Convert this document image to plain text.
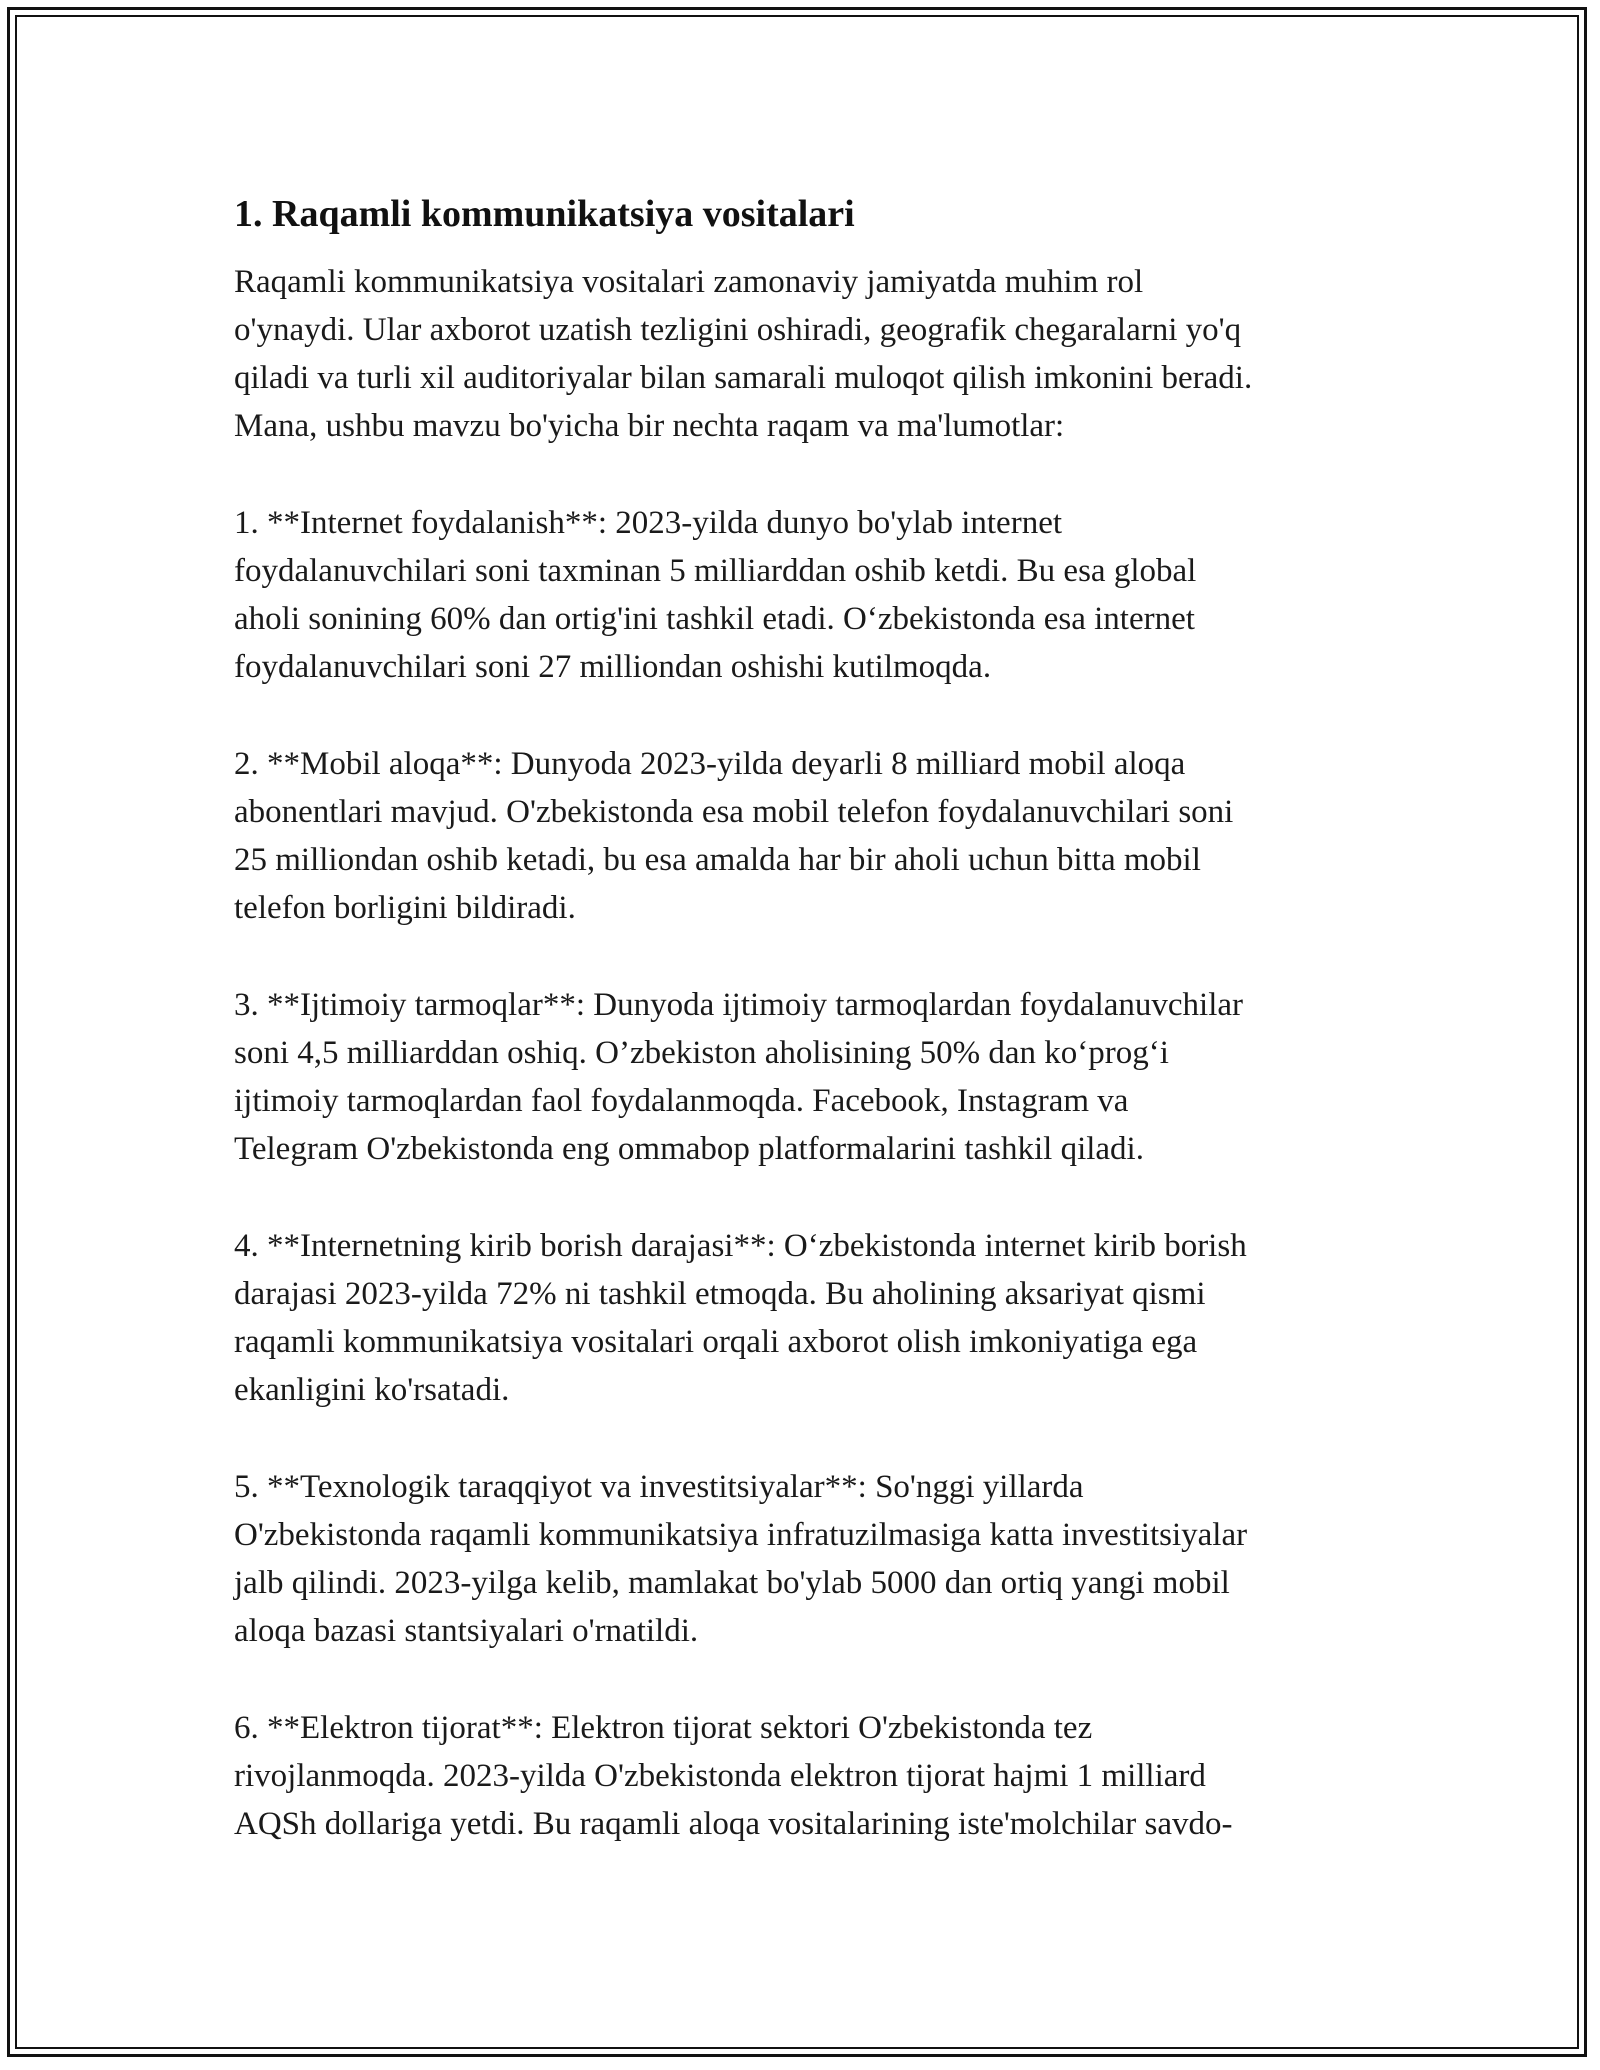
1. Raqamli kommunikatsiya vositalari
Raqamli kommunikatsiya vositalari zamonaviy jamiyatda muhim rol
o'ynaydi. Ular axborot uzatish tezligini oshiradi, geografik chegaralarni yo'q
qiladi va turli xil auditoriyalar bilan samarali muloqot qilish imkonini beradi.
Mana, ushbu mavzu bo'yicha bir nechta raqam va ma'lumotlar:
1. **Internet foydalanish**: 2023-yilda dunyo bo'ylab internet
foydalanuvchilari soni taxminan 5 milliarddan oshib ketdi. Bu esa global
aholi sonining 60% dan ortig'ini tashkil etadi. O‘zbekistonda esa internet
foydalanuvchilari soni 27 milliondan oshishi kutilmoqda.
2. **Mobil aloqa**: Dunyoda 2023-yilda deyarli 8 milliard mobil aloqa
abonentlari mavjud. O'zbekistonda esa mobil telefon foydalanuvchilari soni
25 milliondan oshib ketadi, bu esa amalda har bir aholi uchun bitta mobil
telefon borligini bildiradi.
3. **Ijtimoiy tarmoqlar**: Dunyoda ijtimoiy tarmoqlardan foydalanuvchilar
soni 4,5 milliarddan oshiq. O’zbekiston aholisining 50% dan ko‘prog‘i
ijtimoiy tarmoqlardan faol foydalanmoqda. Facebook, Instagram va
Telegram O'zbekistonda eng ommabop platformalarini tashkil qiladi.
4. **Internetning kirib borish darajasi**: O‘zbekistonda internet kirib borish
darajasi 2023-yilda 72% ni tashkil etmoqda. Bu aholining aksariyat qismi
raqamli kommunikatsiya vositalari orqali axborot olish imkoniyatiga ega
ekanligini ko'rsatadi.
5. **Texnologik taraqqiyot va investitsiyalar**: So'nggi yillarda
O'zbekistonda raqamli kommunikatsiya infratuzilmasiga katta investitsiyalar
jalb qilindi. 2023-yilga kelib, mamlakat bo'ylab 5000 dan ortiq yangi mobil
aloqa bazasi stantsiyalari o'rnatildi.
6. **Elektron tijorat**: Elektron tijorat sektori O'zbekistonda tez
rivojlanmoqda. 2023-yilda O'zbekistonda elektron tijorat hajmi 1 milliard
AQSh dollariga yetdi. Bu raqamli aloqa vositalarining iste'molchilar savdo-
